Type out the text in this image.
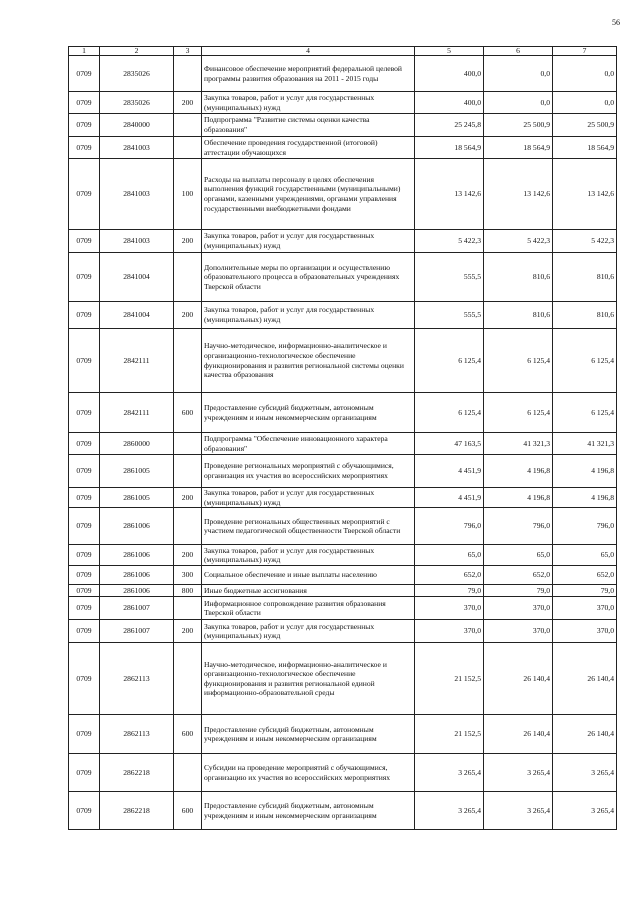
56
1	2	3	4	5	6	7
0709	2835026		Финансовое обеспечение мероприятий федеральной целевой программы развития образования на 2011 - 2015 годы	400,0	0,0	0,0
0709	2835026	200	Закупка товаров, работ и услуг для государственных (муниципальных) нужд	400,0	0,0	0,0
0709	2840000		Подпрограмма "Развитие системы оценки качества образования"	25 245,8	25 500,9	25 500,9
0709	2841003		Обеспечение проведения государственной (итоговой) аттестации обучающихся	18 564,9	18 564,9	18 564,9
0709	2841003	100	Расходы на выплаты персоналу в целях обеспечения выполнения функций государственными (муниципальными) органами, казенными учреждениями, органами управления государственными внебюджетными фондами	13 142,6	13 142,6	13 142,6
0709	2841003	200	Закупка товаров, работ и услуг для государственных (муниципальных) нужд	5 422,3	5 422,3	5 422,3
0709	2841004		Дополнительные меры по организации и осуществлению образовательного процесса в образовательных учреждениях Тверской области	555,5	810,6	810,6
0709	2841004	200	Закупка товаров, работ и услуг для государственных (муниципальных) нужд	555,5	810,6	810,6
0709	2842111		Научно-методическое, информационно-аналитическое и организационно-технологическое обеспечение функционирования и развития региональной системы оценки качества образования	6 125,4	6 125,4	6 125,4
0709	2842111	600	Предоставление субсидий бюджетным, автономным учреждениям и иным некоммерческим организациям	6 125,4	6 125,4	6 125,4
0709	2860000		Подпрограмма "Обеспечение инновационного характера образования"	47 163,5	41 321,3	41 321,3
0709	2861005		Проведение региональных мероприятий с обучающимися, организация их участия во всероссийских мероприятиях	4 451,9	4 196,8	4 196,8
0709	2861005	200	Закупка товаров, работ и услуг для государственных (муниципальных) нужд	4 451,9	4 196,8	4 196,8
0709	2861006		Проведение региональных общественных мероприятий с участием педагогической общественности Тверской области	796,0	796,0	796,0
0709	2861006	200	Закупка товаров, работ и услуг для государственных (муниципальных) нужд	65,0	65,0	65,0
0709	2861006	300	Социальное обеспечение и иные выплаты населению	652,0	652,0	652,0
0709	2861006	800	Иные бюджетные ассигнования	79,0	79,0	79,0
0709	2861007		Информационное сопровождение развития образования Тверской области	370,0	370,0	370,0
0709	2861007	200	Закупка товаров, работ и услуг для государственных (муниципальных) нужд	370,0	370,0	370,0
0709	2862113		Научно-методическое, информационно-аналитическое и организационно-технологическое обеспечение функционирования и развития региональной единой информационно-образовательной среды	21 152,5	26 140,4	26 140,4
0709	2862113	600	Предоставление субсидий бюджетным, автономным учреждениям и иным некоммерческим организациям	21 152,5	26 140,4	26 140,4
0709	2862218		Субсидии на проведение мероприятий с обучающимися, организацию их участия во всероссийских мероприятиях	3 265,4	3 265,4	3 265,4
0709	2862218	600	Предоставление субсидий бюджетным, автономным учреждениям и иным некоммерческим организациям	3 265,4	3 265,4	3 265,4
